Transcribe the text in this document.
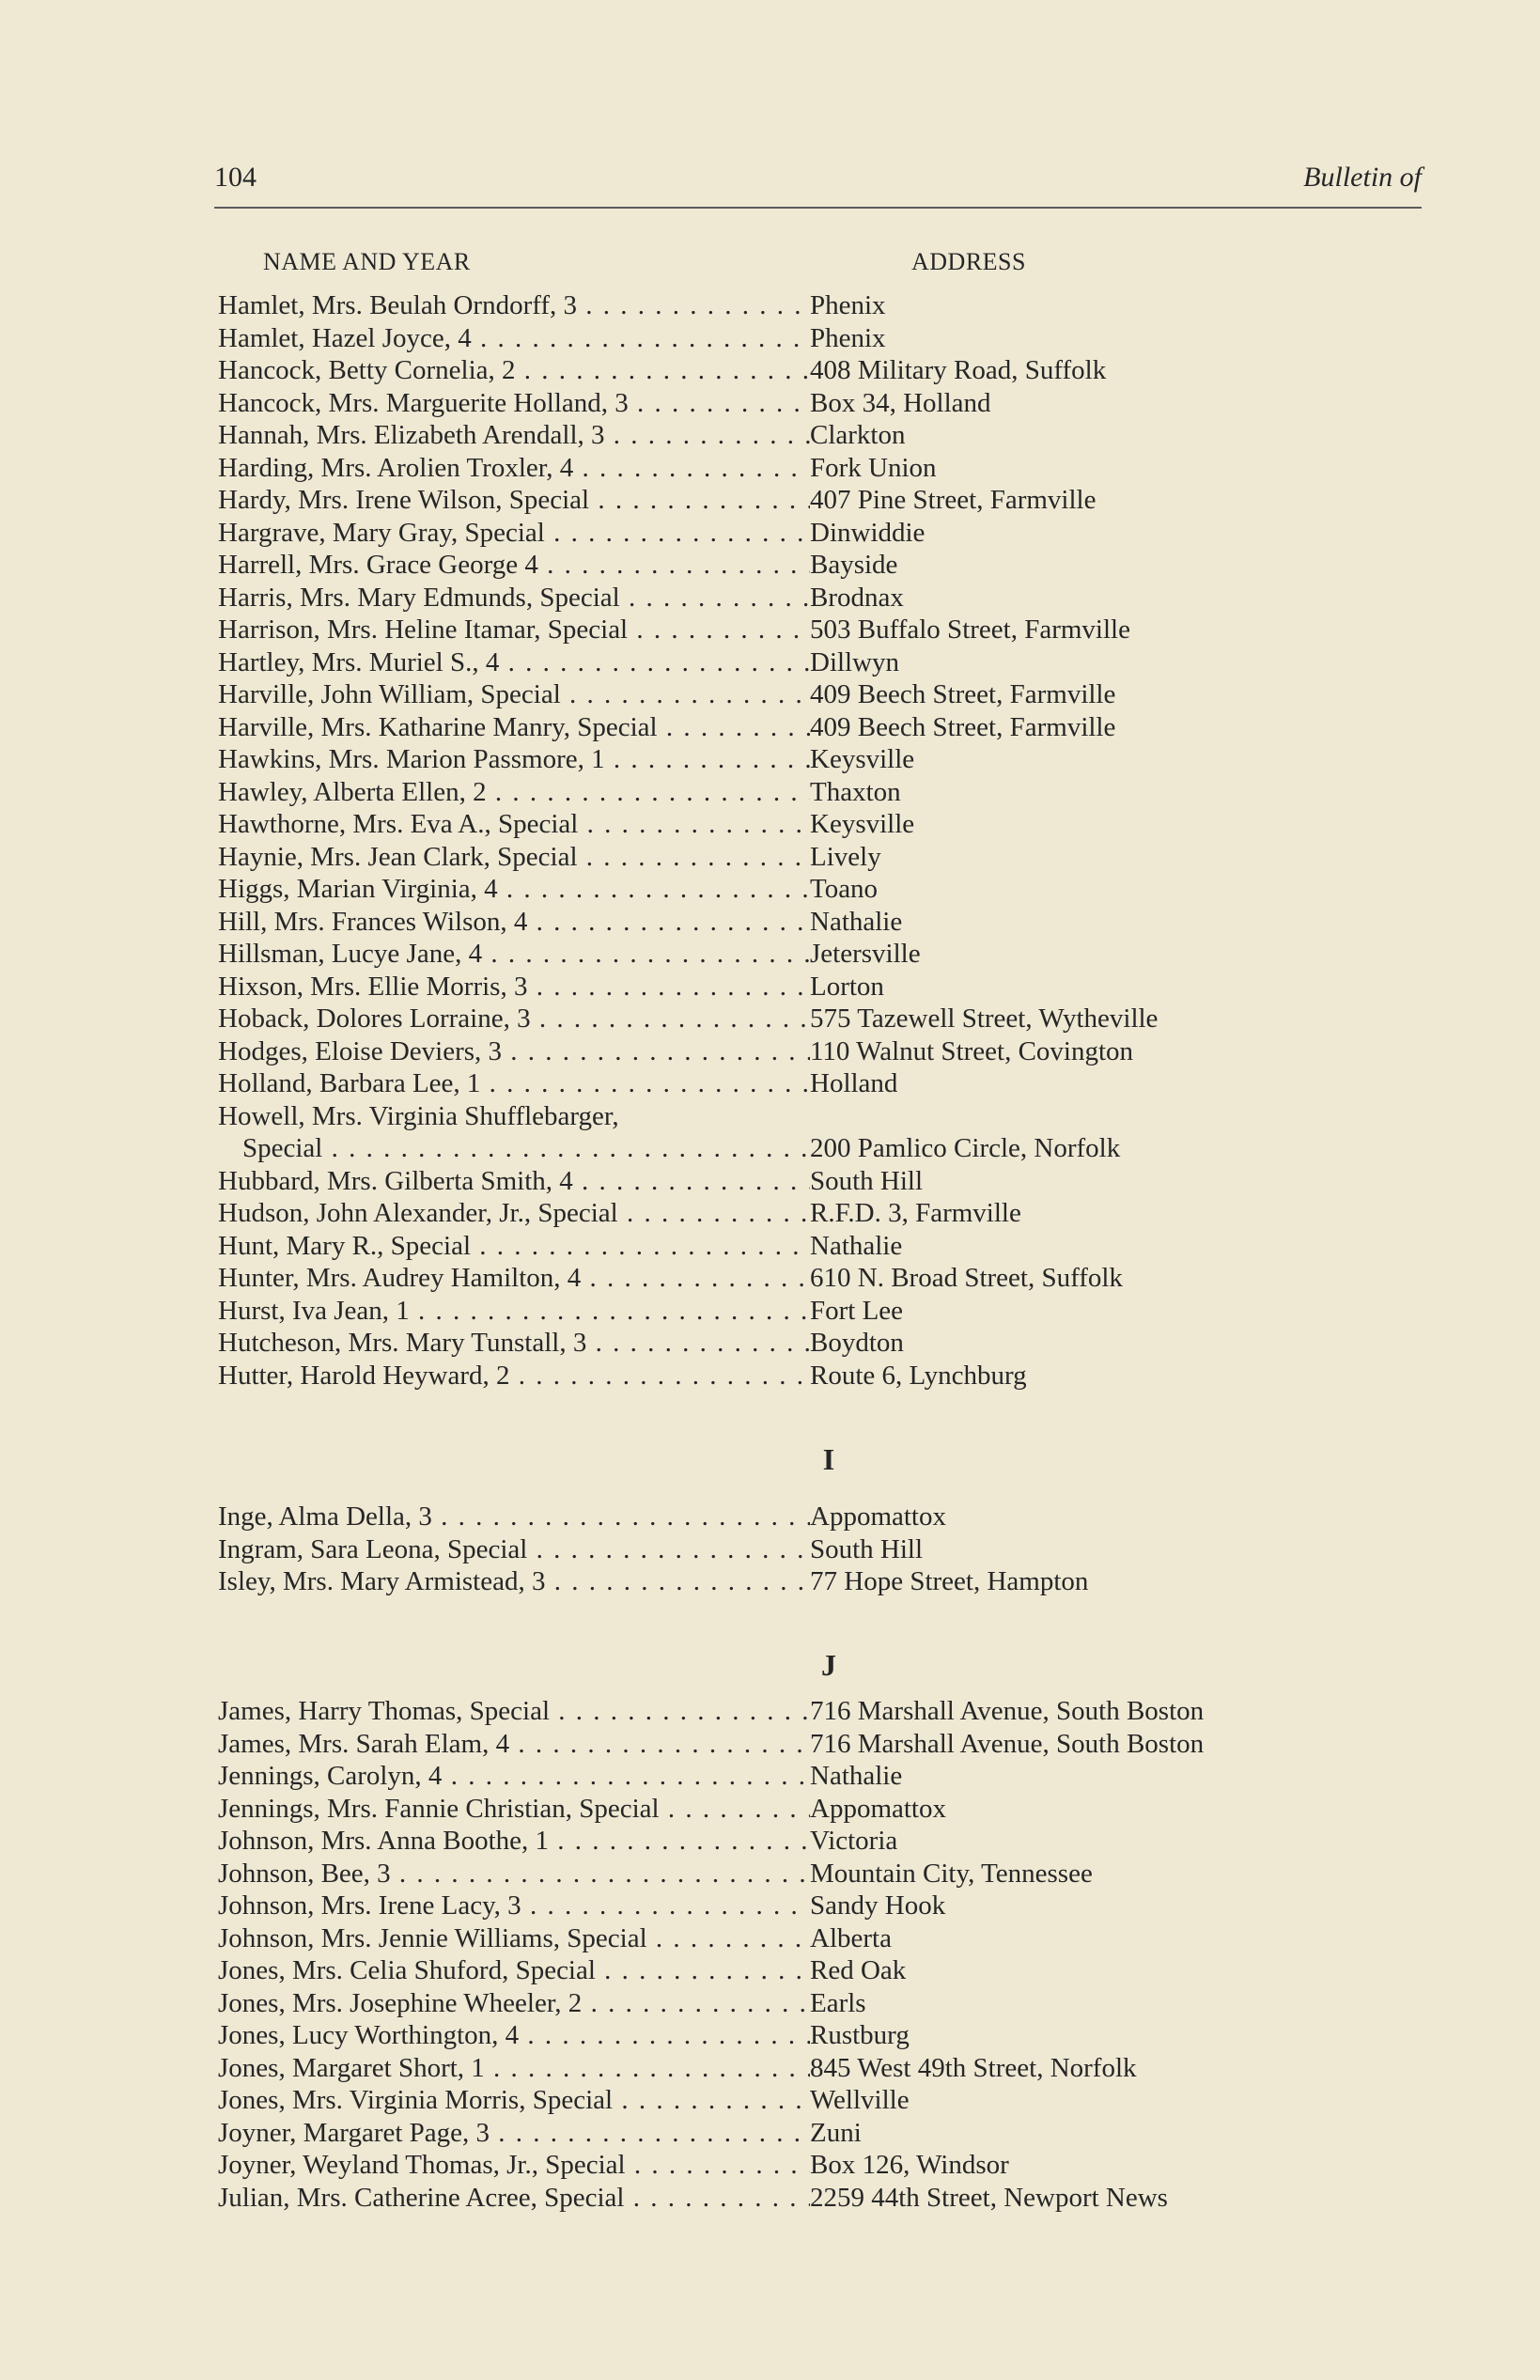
104	Bulletin of
NAME AND YEAR	ADDRESS
Hamlet, Mrs. Beulah Orndorff, 3 . . .	Phenix
Hamlet, Hazel Joyce, 4 . . .	Phenix
Hancock, Betty Cornelia, 2 . . .	408 Military Road, Suffolk
Hancock, Mrs. Marguerite Holland, 3 . . .	Box 34, Holland
Hannah, Mrs. Elizabeth Arendall, 3 . . .	Clarkton
Harding, Mrs. Arolien Troxler, 4 . . .	Fork Union
Hardy, Mrs. Irene Wilson, Special . . .	407 Pine Street, Farmville
Hargrave, Mary Gray, Special . . .	Dinwiddie
Harrell, Mrs. Grace George 4 . . .	Bayside
Harris, Mrs. Mary Edmunds, Special . . .	Brodnax
Harrison, Mrs. Heline Itamar, Special . . .	503 Buffalo Street, Farmville
Hartley, Mrs. Muriel S., 4 . . .	Dillwyn
Harville, John William, Special . . .	409 Beech Street, Farmville
Harville, Mrs. Katharine Manry, Special . . .	409 Beech Street, Farmville
Hawkins, Mrs. Marion Passmore, 1 . . .	Keysville
Hawley, Alberta Ellen, 2 . . .	Thaxton
Hawthorne, Mrs. Eva A., Special . . .	Keysville
Haynie, Mrs. Jean Clark, Special . . .	Lively
Higgs, Marian Virginia, 4 . . .	Toano
Hill, Mrs. Frances Wilson, 4 . . .	Nathalie
Hillsman, Lucye Jane, 4 . . .	Jetersville
Hixson, Mrs. Ellie Morris, 3 . . .	Lorton
Hoback, Dolores Lorraine, 3 . . .	575 Tazewell Street, Wytheville
Hodges, Eloise Deviers, 3 . . .	110 Walnut Street, Covington
Holland, Barbara Lee, 1 . . .	Holland
Howell, Mrs. Virginia Shufflebarger,
Special . . .	200 Pamlico Circle, Norfolk
Hubbard, Mrs. Gilberta Smith, 4 . . .	South Hill
Hudson, John Alexander, Jr., Special . . .	R.F.D. 3, Farmville
Hunt, Mary R., Special . . .	Nathalie
Hunter, Mrs. Audrey Hamilton, 4 . . .	610 N. Broad Street, Suffolk
Hurst, Iva Jean, 1 . . .	Fort Lee
Hutcheson, Mrs. Mary Tunstall, 3 . . .	Boydton
Hutter, Harold Heyward, 2 . . .	Route 6, Lynchburg
I
Inge, Alma Della, 3 . . .	Appomattox
Ingram, Sara Leona, Special . . .	South Hill
Isley, Mrs. Mary Armistead, 3 . . .	77 Hope Street, Hampton
J
James, Harry Thomas, Special . . .	716 Marshall Avenue, South Boston
James, Mrs. Sarah Elam, 4 . . .	716 Marshall Avenue, South Boston
Jennings, Carolyn, 4 . . .	Nathalie
Jennings, Mrs. Fannie Christian, Special . . .	Appomattox
Johnson, Mrs. Anna Boothe, 1 . . .	Victoria
Johnson, Bee, 3 . . .	Mountain City, Tennessee
Johnson, Mrs. Irene Lacy, 3 . . .	Sandy Hook
Johnson, Mrs. Jennie Williams, Special . . .	Alberta
Jones, Mrs. Celia Shuford, Special . . .	Red Oak
Jones, Mrs. Josephine Wheeler, 2 . . .	Earls
Jones, Lucy Worthington, 4 . . .	Rustburg
Jones, Margaret Short, 1 . . .	845 West 49th Street, Norfolk
Jones, Mrs. Virginia Morris, Special . . .	Wellville
Joyner, Margaret Page, 3 . . .	Zuni
Joyner, Weyland Thomas, Jr., Special . . .	Box 126, Windsor
Julian, Mrs. Catherine Acree, Special . . .	2259 44th Street, Newport News
